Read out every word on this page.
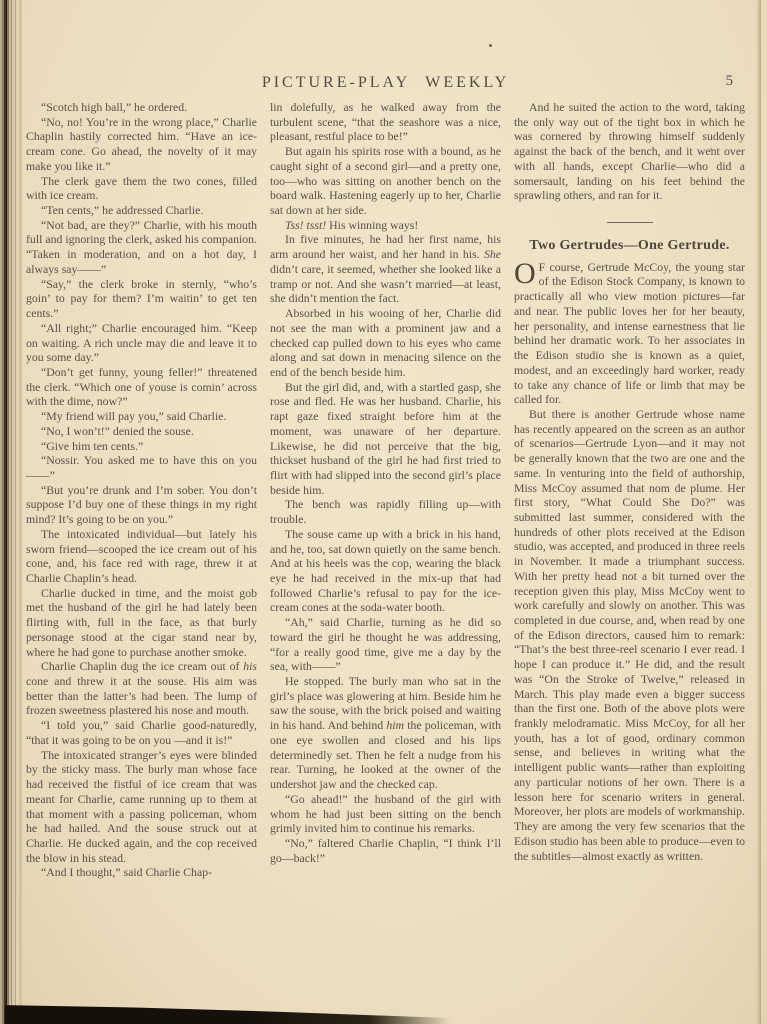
PICTURE-PLAY WEEKLY	5

“Scotch high ball,” he ordered.

“No, no! You’re in the wrong place,” Charlie Chaplin hastily corrected him. “Have an ice-cream cone. Go ahead, the novelty of it may make you like it.”

The clerk gave them the two cones, filled with ice cream.

“Ten cents,” he addressed Charlie.

“Not bad, are they?” Charlie, with his mouth full and ignoring the clerk, asked his companion. “Taken in moderation, and on a hot day, I always say——”

“Say,” the clerk broke in sternly, “who’s goin’ to pay for them? I’m waitin’ to get ten cents.”

“All right;” Charlie encouraged him. “Keep on waiting. A rich uncle may die and leave it to you some day.”

“Don’t get funny, young feller!” threatened the clerk. “Which one of youse is comin’ across with the dime, now?”

“My friend will pay you,” said Charlie.

“No, I won’t!” denied the souse.

“Give him ten cents.”

“Nossir. You asked me to have this on you——”

“But you’re drunk and I’m sober. You don’t suppose I’d buy one of these things in my right mind? It’s going to be on you.”

The intoxicated individual—but lately his sworn friend—scooped the ice cream out of his cone, and, his face red with rage, threw it at Charlie Chaplin’s head.

Charlie ducked in time, and the moist gob met the husband of the girl he had lately been flirting with, full in the face, as that burly personage stood at the cigar stand near by, where he had gone to purchase another smoke.

Charlie Chaplin dug the ice cream out of his cone and threw it at the souse. His aim was better than the latter’s had been. The lump of frozen sweetness plastered his nose and mouth.

“I told you,” said Charlie good-naturedly, “that it was going to be on you —and it is!”

The intoxicated stranger’s eyes were blinded by the sticky mass. The burly man whose face had received the fistful of ice cream that was meant for Charlie, came running up to them at that moment with a passing policeman, whom he had hailed. And the souse struck out at Charlie. He ducked again, and the cop received the blow in his stead.

“And I thought,” said Charlie Chap-

lin dolefully, as he walked away from the turbulent scene, “that the seashore was a nice, pleasant, restful place to be!”

But again his spirits rose with a bound, as he caught sight of a second girl—and a pretty one, too—who was sitting on another bench on the board walk. Hastening eagerly up to her, Charlie sat down at her side.

Tss! tsst! His winning ways!

In five minutes, he had her first name, his arm around her waist, and her hand in his. She didn’t care, it seemed, whether she looked like a tramp or not. And she wasn’t married—at least, she didn’t mention the fact.

Absorbed in his wooing of her, Charlie did not see the man with a prominent jaw and a checked cap pulled down to his eyes who came along and sat down in menacing silence on the end of the bench beside him.

But the girl did, and, with a startled gasp, she rose and fled. He was her husband. Charlie, his rapt gaze fixed straight before him at the moment, was unaware of her departure. Likewise, he did not perceive that the big, thickset husband of the girl he had first tried to flirt with had slipped into the second girl’s place beside him.

The bench was rapidly filling up—with trouble.

The souse came up with a brick in his hand, and he, too, sat down quietly on the same bench. And at his heels was the cop, wearing the black eye he had received in the mix-up that had followed Charlie’s refusal to pay for the ice-cream cones at the soda-water booth.

“Ah,” said Charlie, turning as he did so toward the girl he thought he was addressing, “for a really good time, give me a day by the sea, with——”

He stopped. The burly man who sat in the girl’s place was glowering at him. Beside him he saw the souse, with the brick poised and waiting in his hand. And behind him the policeman, with one eye swollen and closed and his lips determinedly set. Then he felt a nudge from his rear. Turning, he looked at the owner of the undershot jaw and the checked cap.

“Go ahead!” the husband of the girl with whom he had just been sitting on the bench grimly invited him to continue his remarks.

“No,” faltered Charlie Chaplin, “I think I’ll go—back!”

And he suited the action to the word, taking the only way out of the tight box in which he was cornered by throwing himself suddenly against the back of the bench, and it went over with all hands, except Charlie—who did a somersault, landing on his feet behind the sprawling others, and ran for it.

Two Gertrudes—One Gertrude.

O F course, Gertrude McCoy, the young star of the Edison Stock Company, is known to practically all who view motion pictures—far and near. The public loves her for her beauty, her personality, and intense earnestness that lie behind her dramatic work. To her associates in the Edison studio she is known as a quiet, modest, and an exceedingly hard worker, ready to take any chance of life or limb that may be called for.

But there is another Gertrude whose name has recently appeared on the screen as an author of scenarios—Gertrude Lyon—and it may not be generally known that the two are one and the same. In venturing into the field of authorship, Miss McCoy assumed that nom de plume. Her first story, “What Could She Do?” was submitted last summer, considered with the hundreds of other plots received at the Edison studio, was accepted, and produced in three reels in November. It made a triumphant success. With her pretty head not a bit turned over the reception given this play, Miss McCoy went to work carefully and slowly on another. This was completed in due course, and, when read by one of the Edison directors, caused him to remark: “That’s the best three-reel scenario I ever read. I hope I can produce it.” He did, and the result was “On the Stroke of Twelve,” released in March. This play made even a bigger success than the first one. Both of the above plots were frankly melodramatic. Miss McCoy, for all her youth, has a lot of good, ordinary common sense, and believes in writing what the intelligent public wants—rather than exploiting any particular notions of her own. There is a lesson here for scenario writers in general. Moreover, her plots are models of workmanship. They are among the very few scenarios that the Edison studio has been able to produce—even to the subtitles—almost exactly as written.
